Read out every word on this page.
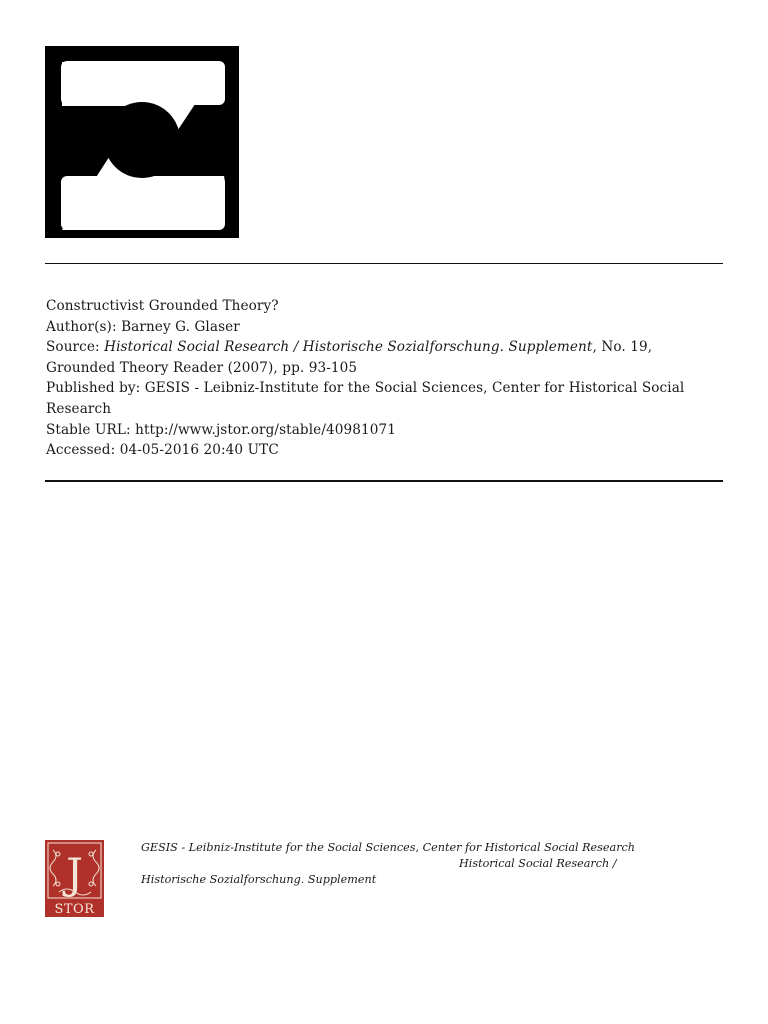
Constructivist Grounded Theory?
Author(s): Barney G. Glaser
Source: Historical Social Research / Historische Sozialforschung. Supplement, No. 19,
Grounded Theory Reader (2007), pp. 93-105
Published by: GESIS - Leibniz-Institute for the Social Sciences, Center for Historical Social
Research
Stable URL: http://www.jstor.org/stable/40981071
Accessed: 04-05-2016 20:40 UTC
J
STOR
GESIS - Leibniz-Institute for the Social Sciences, Center for Historical Social Research
Historical Social Research /
Historische Sozialforschung. Supplement
